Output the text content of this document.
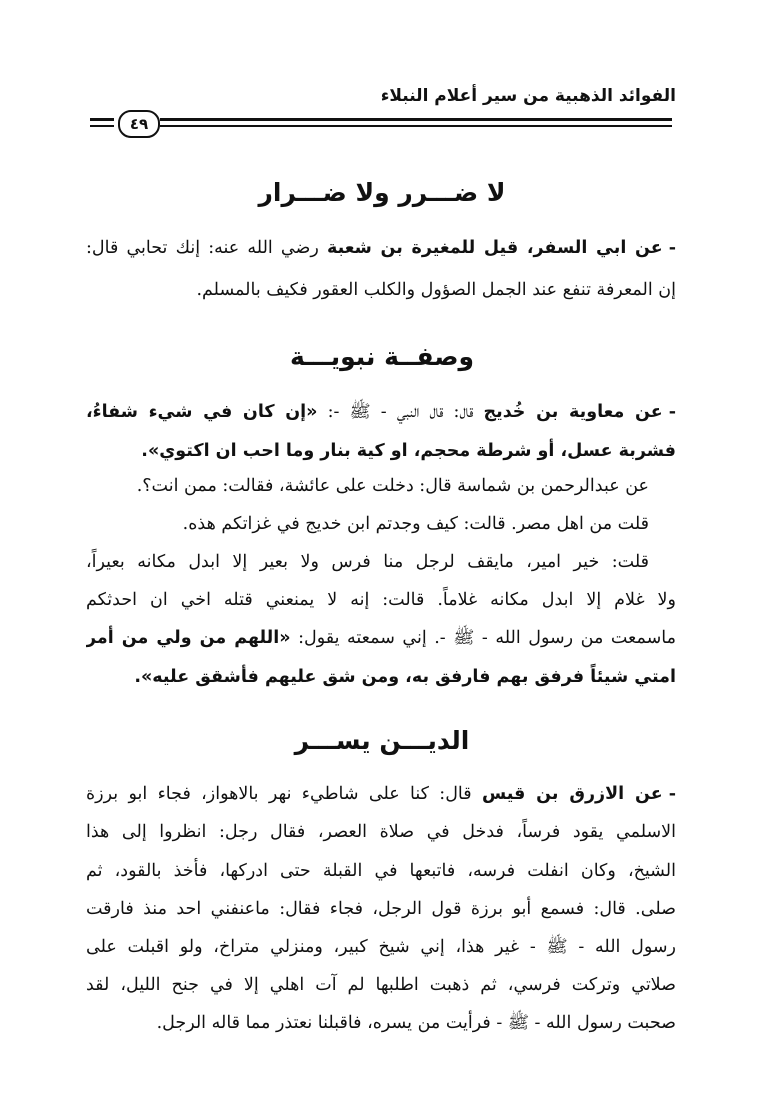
الفوائد الذهبية من سير أعلام النبلاء
٤٩
لا ضـــرر ولا ضـــرار
-عن ابي السفر، قيل للمغيرة بن شعبة رضي الله عنه: إنك تحابي قال:
إن المعرفة تنفع عند الجمل الصؤول والكلب العقور فكيف بالمسلم.
وصفــة نبويـــة
-عن معاوية بن خُديج قال: قال النبي - ﷺ -: «إن كان في شيء شفاءُ،
فشربة عسل، أو شرطة محجم، او كية بنار وما احب ان اكتوي».
عن عبدالرحمن بن شماسة قال: دخلت على عائشة، فقالت: ممن انت؟.
قلت من اهل مصر. قالت: كيف وجدتم ابن خديج في غزاتكم هذه.
قلت: خير امير، مايقف لرجل منا فرس ولا بعير إلا ابدل مكانه بعيراً،
ولا غلام إلا ابدل مكانه غلاماً. قالت: إنه لا يمنعني قتله اخي ان احدثكم
ماسمعت من رسول الله - ﷺ -. إني سمعته يقول: «اللهم من ولي من أمر
امتي شيئاً فرفق بهم فارفق به، ومن شق عليهم فأشقق عليه».
الديـــن يســـر
-عن الازرق بن قيس قال: كنا على شاطيء نهر بالاهواز، فجاء ابو برزة
الاسلمي يقود فرساً، فدخل في صلاة العصر، فقال رجل: انظروا إلى هذا
الشيخ، وكان انفلت فرسه، فاتبعها في القبلة حتى ادركها، فأخذ بالقود، ثم
صلى. قال: فسمع أبو برزة قول الرجل، فجاء فقال: ماعنفني احد منذ فارقت
رسول الله - ﷺ - غير هذا، إني شيخ كبير، ومنزلي متراخ، ولو اقبلت على
صلاتي وتركت فرسي، ثم ذهبت اطلبها لم آت اهلي إلا في جنح الليل، لقد
صحبت رسول الله - ﷺ - فرأيت من يسره، فاقبلنا نعتذر مما قاله الرجل.
